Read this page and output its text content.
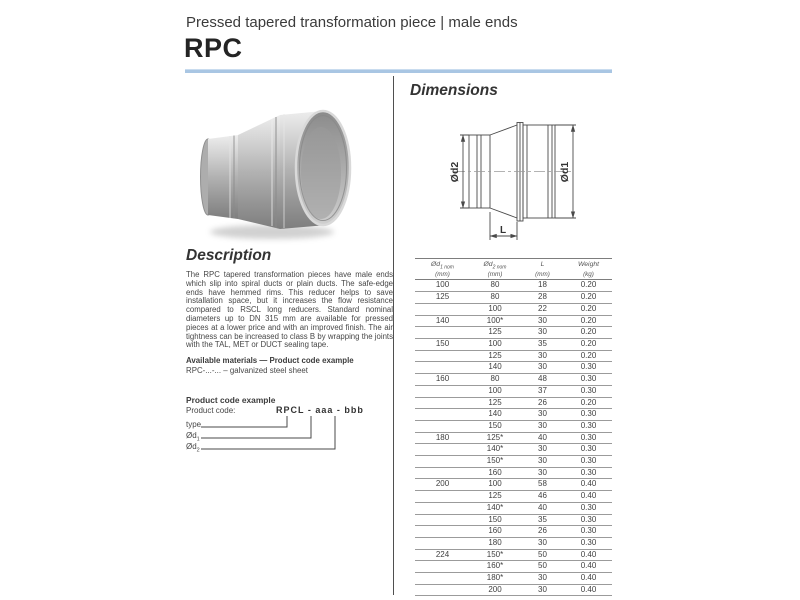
Pressed tapered transformation piece | male ends
RPC
Description
The RPC tapered transformation pieces have male ends which slip into spiral ducts or plain ducts. The safe-edge ends have hemmed rims. This reducer helps to save installation space, but it increases the flow resistance compared to RSCL long reducers. Standard nominal diameters up to DN 315 mm are available for pressed pieces at a lower price and with an improved finish. The air tightness can be increased to class B by wrapping the joints with the TAL, MET or DUCT sealing tape.
Available materials — Product code example
RPC-...-... – galvanized steel sheet
Product code example
Product code:	RPCL - aaa - bbb
type
$Ød_1$
$Ød_2$
Dimensions
Ød2	Ød1
L
$Ød_{1 nom}$
(mm)	$Ød_{2 nom}$
(mm)	L
(mm)	Weight
(kg)

100	80	18	0.20
125	80	28	0.20
	100	22	0.20
140	100*	30	0.20
	125	30	0.20
150	100	35	0.20
	125	30	0.20
	140	30	0.30
160	80	48	0.30
	100	37	0.30
	125	26	0.20
	140	30	0.30
	150	30	0.30
180	125*	40	0.30
	140*	30	0.30
	150*	30	0.30
	160	30	0.30
200	100	58	0.40
	125	46	0.40
	140*	40	0.30
	150	35	0.30
	160	26	0.30
	180	30	0.30
224	150*	50	0.40
	160*	50	0.40
	180*	30	0.40
	200	30	0.40
